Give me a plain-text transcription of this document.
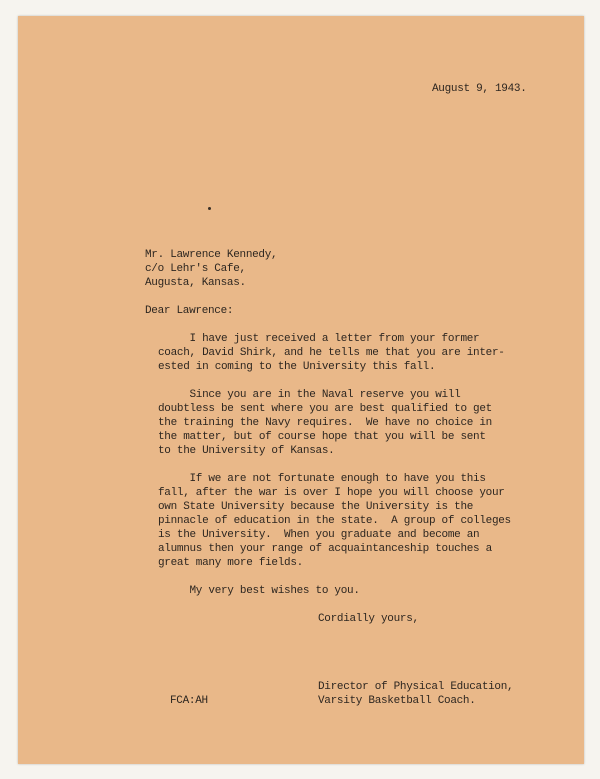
August 9, 1943.
Mr. Lawrence Kennedy,
c/o Lehr's Cafe,
Augusta, Kansas.
Dear Lawrence:
I have just received a letter from your former
coach, David Shirk, and he tells me that you are inter-
ested in coming to the University this fall.
Since you are in the Naval reserve you will
doubtless be sent where you are best qualified to get
the training the Navy requires.  We have no choice in
the matter, but of course hope that you will be sent
to the University of Kansas.
If we are not fortunate enough to have you this
fall, after the war is over I hope you will choose your
own State University because the University is the
pinnacle of education in the state.  A group of colleges
is the University.  When you graduate and become an
alumnus then your range of acquaintanceship touches a
great many more fields.
My very best wishes to you.
Cordially yours,
FCA:AH
Director of Physical Education,
Varsity Basketball Coach.
